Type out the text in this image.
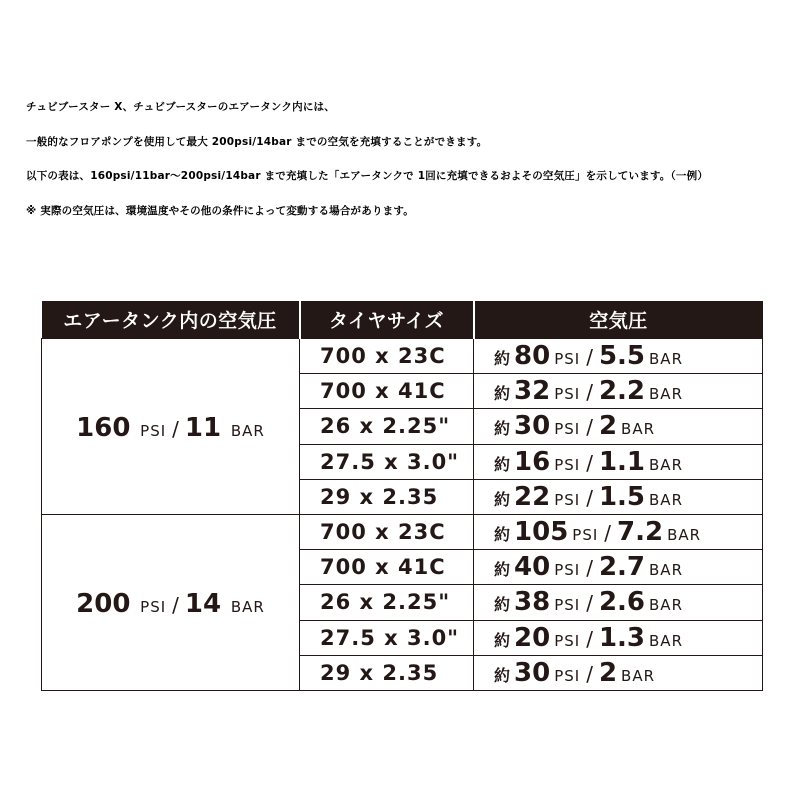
チュビブースター X、チュビブースターのエアータンク内には、

一般的なフロアポンプを使用して最大 200psi/14bar までの空気を充填することができます。

以下の表は、160psi/11bar～200psi/14bar まで充填した「エアータンクで 1回に充填できるおよその空気圧」を示しています。（一例）

※ 実際の空気圧は、環境温度やその他の条件によって変動する場合があります。

エアータンク内の空気圧	タイヤサイズ	空気圧
160 PSI / 11 BAR	700 x 23C	約 80 PSI / 5.5 BAR
	700 x 41C	約 32 PSI / 2.2 BAR
	26 x 2.25"	約 30 PSI / 2 BAR
	27.5 x 3.0"	約 16 PSI / 1.1 BAR
	29 x 2.35	約 22 PSI / 1.5 BAR
200 PSI / 14 BAR	700 x 23C	約 105 PSI / 7.2 BAR
	700 x 41C	約 40 PSI / 2.7 BAR
	26 x 2.25"	約 38 PSI / 2.6 BAR
	27.5 x 3.0"	約 20 PSI / 1.3 BAR
	29 x 2.35	約 30 PSI / 2 BAR
